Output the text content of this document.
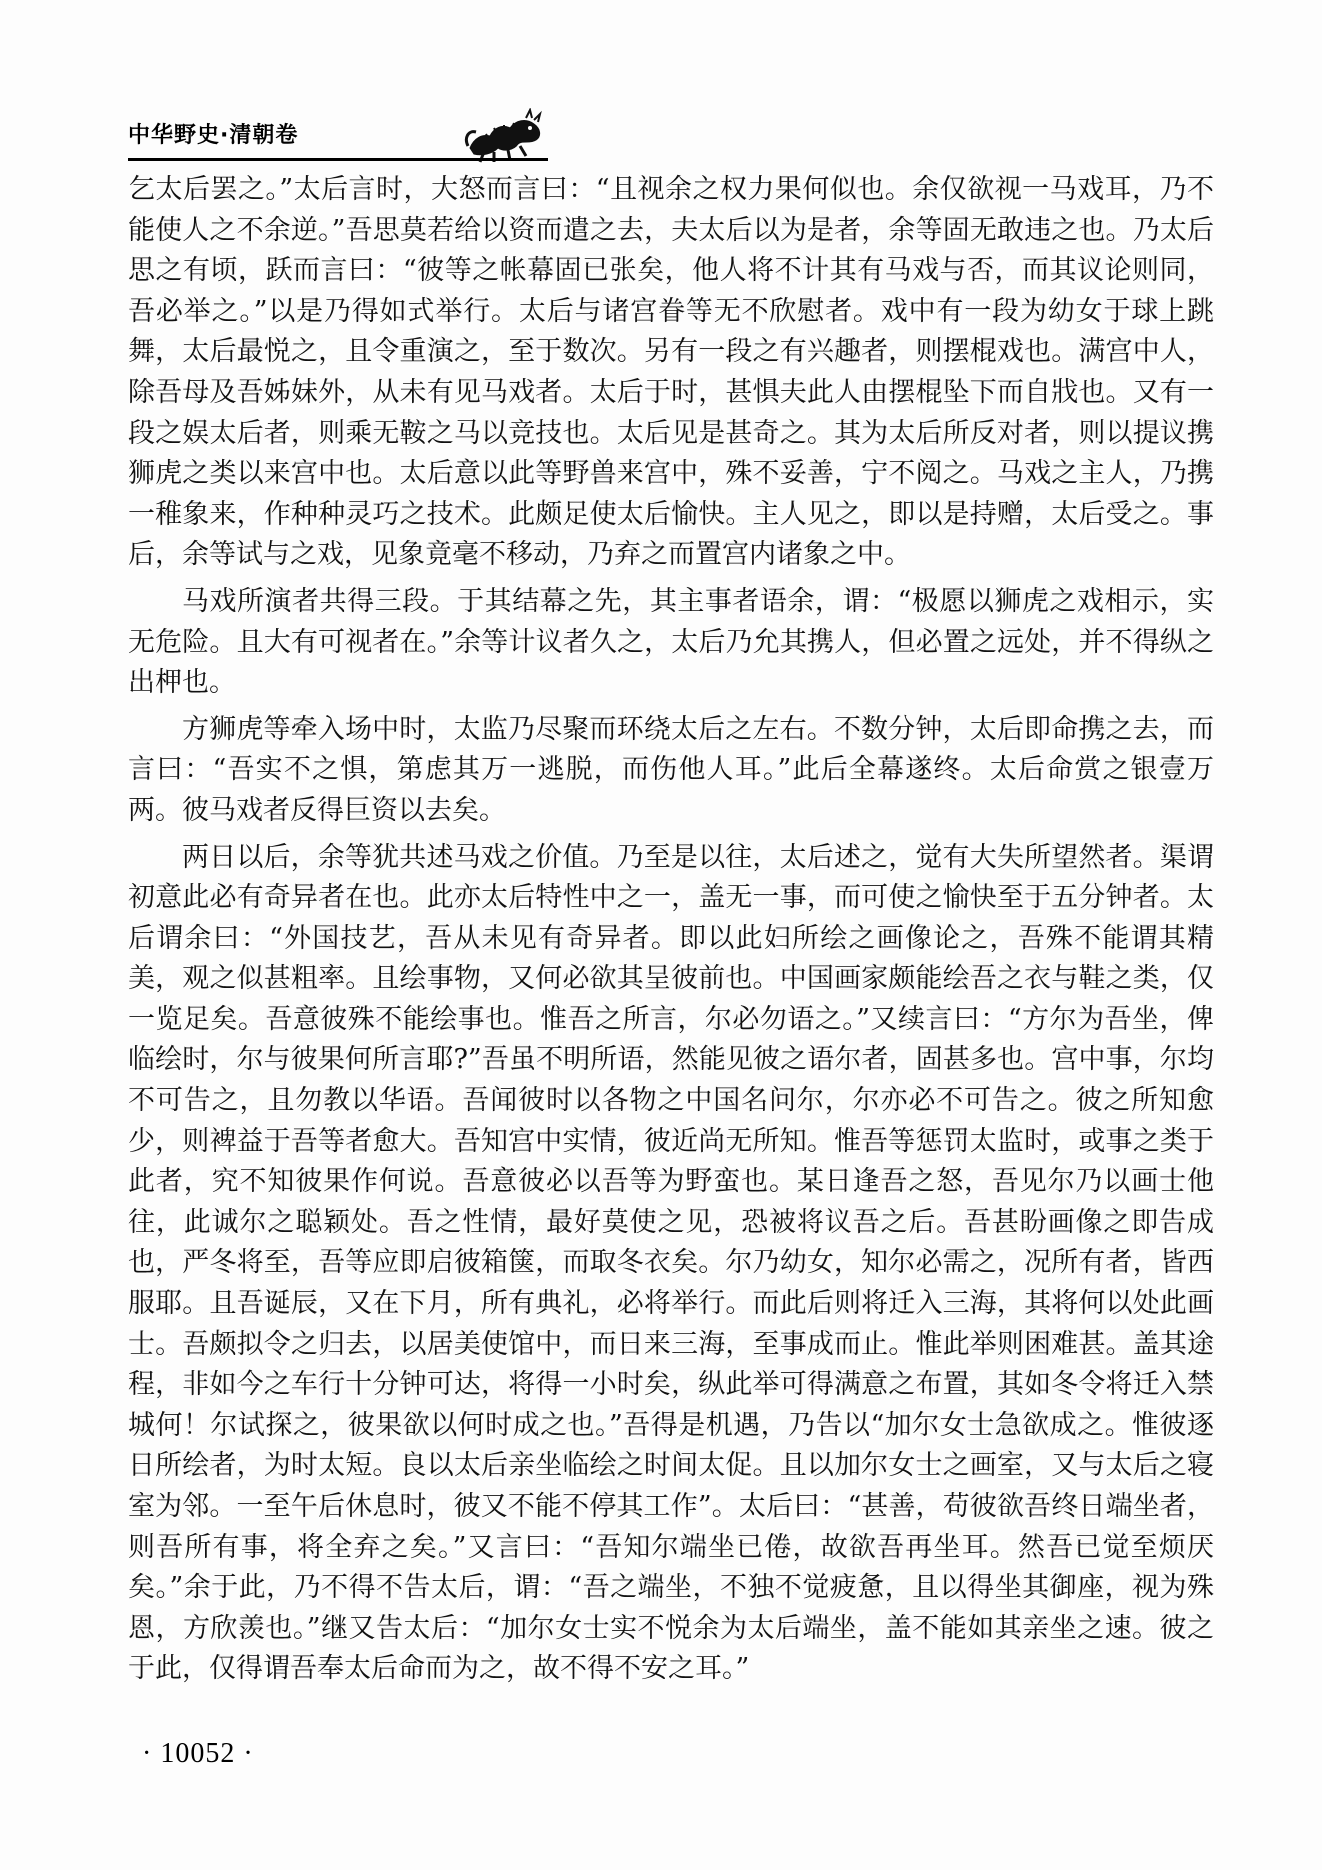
中华野史·清朝卷

乞太后罢之。”太后言时，大怒而言曰：“且视余之权力果何似也。余仅欲视一马戏耳，乃不能使人之不余逆。”吾思莫若给以资而遣之去，夫太后以为是者，余等固无敢违之也。乃太后思之有顷，跃而言曰：“彼等之帐幕固已张矣，他人将不计其有马戏与否，而其议论则同，吾必举之。”以是乃得如式举行。太后与诸宫眷等无不欣慰者。戏中有一段为幼女于球上跳舞，太后最悦之，且令重演之，至于数次。另有一段之有兴趣者，则摆棍戏也。满宫中人，除吾母及吾姊妹外，从未有见马戏者。太后于时，甚惧夫此人由摆棍坠下而自戕也。又有一段之娱太后者，则乘无鞍之马以竞技也。太后见是甚奇之。其为太后所反对者，则以提议携狮虎之类以来宫中也。太后意以此等野兽来宫中，殊不妥善，宁不阅之。马戏之主人，乃携一稚象来，作种种灵巧之技术。此颇足使太后愉快。主人见之，即以是持赠，太后受之。事后，余等试与之戏，见象竟毫不移动，乃弃之而置宫内诸象之中。

马戏所演者共得三段。于其结幕之先，其主事者语余，谓：“极愿以狮虎之戏相示，实无危险。且大有可视者在。”余等计议者久之，太后乃允其携人，但必置之远处，并不得纵之出柙也。

方狮虎等牵入场中时，太监乃尽聚而环绕太后之左右。不数分钟，太后即命携之去，而言曰：“吾实不之惧，第虑其万一逃脱，而伤他人耳。”此后全幕遂终。太后命赏之银壹万两。彼马戏者反得巨资以去矣。

两日以后，余等犹共述马戏之价值。乃至是以往，太后述之，觉有大失所望然者。渠谓初意此必有奇异者在也。此亦太后特性中之一，盖无一事，而可使之愉快至于五分钟者。太后谓余曰：“外国技艺，吾从未见有奇异者。即以此妇所绘之画像论之，吾殊不能谓其精美，观之似甚粗率。且绘事物，又何必欲其呈彼前也。中国画家颇能绘吾之衣与鞋之类，仅一览足矣。吾意彼殊不能绘事也。惟吾之所言，尔必勿语之。”又续言曰：“方尔为吾坐，俾临绘时，尔与彼果何所言耶?”吾虽不明所语，然能见彼之语尔者，固甚多也。宫中事，尔均不可告之，且勿教以华语。吾闻彼时以各物之中国名问尔，尔亦必不可告之。彼之所知愈少，则裨益于吾等者愈大。吾知宫中实情，彼近尚无所知。惟吾等惩罚太监时，或事之类于此者，究不知彼果作何说。吾意彼必以吾等为野蛮也。某日逢吾之怒，吾见尔乃以画士他往，此诚尔之聪颖处。吾之性情，最好莫使之见，恐被将议吾之后。吾甚盼画像之即告成也，严冬将至，吾等应即启彼箱箧，而取冬衣矣。尔乃幼女，知尔必需之，况所有者，皆西服耶。且吾诞辰，又在下月，所有典礼，必将举行。而此后则将迁入三海，其将何以处此画士。吾颇拟令之归去，以居美使馆中，而日来三海，至事成而止。惟此举则困难甚。盖其途程，非如今之车行十分钟可达，将得一小时矣，纵此举可得满意之布置，其如冬令将迁入禁城何！尔试探之，彼果欲以何时成之也。”吾得是机遇，乃告以“加尔女士急欲成之。惟彼逐日所绘者，为时太短。良以太后亲坐临绘之时间太促。且以加尔女士之画室，又与太后之寝室为邻。一至午后休息时，彼又不能不停其工作”。太后曰：“甚善，苟彼欲吾终日端坐者，则吾所有事，将全弃之矣。”又言曰：“吾知尔端坐已倦，故欲吾再坐耳。然吾已觉至烦厌矣。”余于此，乃不得不告太后，谓：“吾之端坐，不独不觉疲惫，且以得坐其御座，视为殊恩，方欣羡也。”继又告太后：“加尔女士实不悦余为太后端坐，盖不能如其亲坐之速。彼之于此，仅得谓吾奉太后命而为之，故不得不安之耳。”

· 10052 ·
